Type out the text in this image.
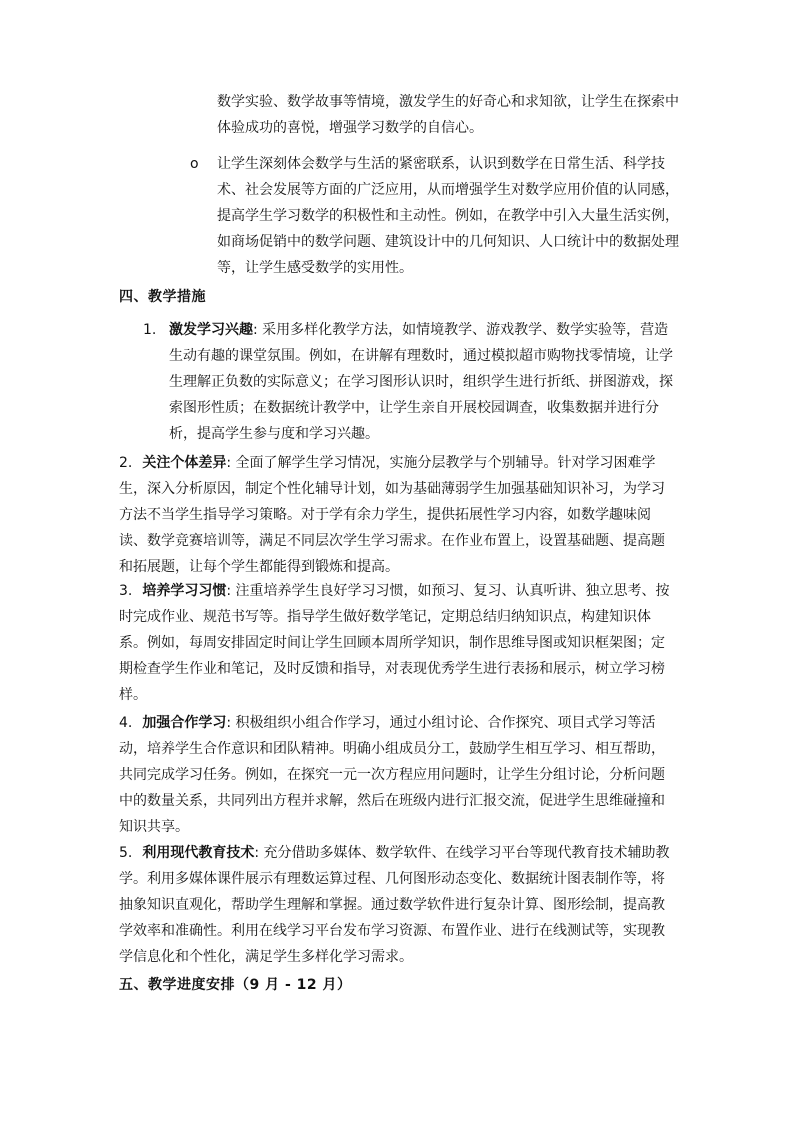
数学实验、数学故事等情境，激发学生的好奇心和求知欲，让学生在探索中体验成功的喜悦，增强学习数学的自信心。

o	让学生深刻体会数学与生活的紧密联系，认识到数学在日常生活、科学技术、社会发展等方面的广泛应用，从而增强学生对数学应用价值的认同感，提高学生学习数学的积极性和主动性。例如，在教学中引入大量生活实例，如商场促销中的数学问题、建筑设计中的几何知识、人口统计中的数据处理等，让学生感受数学的实用性。

四、教学措施
1. 激发学习兴趣: 采用多样化教学方法，如情境教学、游戏教学、数学实验等，营造生动有趣的课堂氛围。例如，在讲解有理数时，通过模拟超市购物找零情境，让学生理解正负数的实际意义；在学习图形认识时，组织学生进行折纸、拼图游戏，探索图形性质；在数据统计教学中，让学生亲自开展校园调查，收集数据并进行分析，提高学生参与度和学习兴趣。

2. 关注个体差异: 全面了解学生学习情况，实施分层教学与个别辅导。针对学习困难学生，深入分析原因，制定个性化辅导计划，如为基础薄弱学生加强基础知识补习，为学习方法不当学生指导学习策略。对于学有余力学生，提供拓展性学习内容，如数学趣味阅读、数学竞赛培训等，满足不同层次学生学习需求。在作业布置上，设置基础题、提高题和拓展题，让每个学生都能得到锻炼和提高。

3. 培养学习习惯: 注重培养学生良好学习习惯，如预习、复习、认真听讲、独立思考、按时完成作业、规范书写等。指导学生做好数学笔记，定期总结归纳知识点，构建知识体系。例如，每周安排固定时间让学生回顾本周所学知识，制作思维导图或知识框架图；定期检查学生作业和笔记，及时反馈和指导，对表现优秀学生进行表扬和展示，树立学习榜样。

4. 加强合作学习: 积极组织小组合作学习，通过小组讨论、合作探究、项目式学习等活动，培养学生合作意识和团队精神。明确小组成员分工，鼓励学生相互学习、相互帮助，共同完成学习任务。例如，在探究一元一次方程应用问题时，让学生分组讨论，分析问题中的数量关系，共同列出方程并求解，然后在班级内进行汇报交流，促进学生思维碰撞和知识共享。

5. 利用现代教育技术: 充分借助多媒体、数学软件、在线学习平台等现代教育技术辅助教学。利用多媒体课件展示有理数运算过程、几何图形动态变化、数据统计图表制作等，将抽象知识直观化，帮助学生理解和掌握。通过数学软件进行复杂计算、图形绘制，提高教学效率和准确性。利用在线学习平台发布学习资源、布置作业、进行在线测试等，实现教学信息化和个性化，满足学生多样化学习需求。

五、教学进度安排（9 月 - 12 月）
